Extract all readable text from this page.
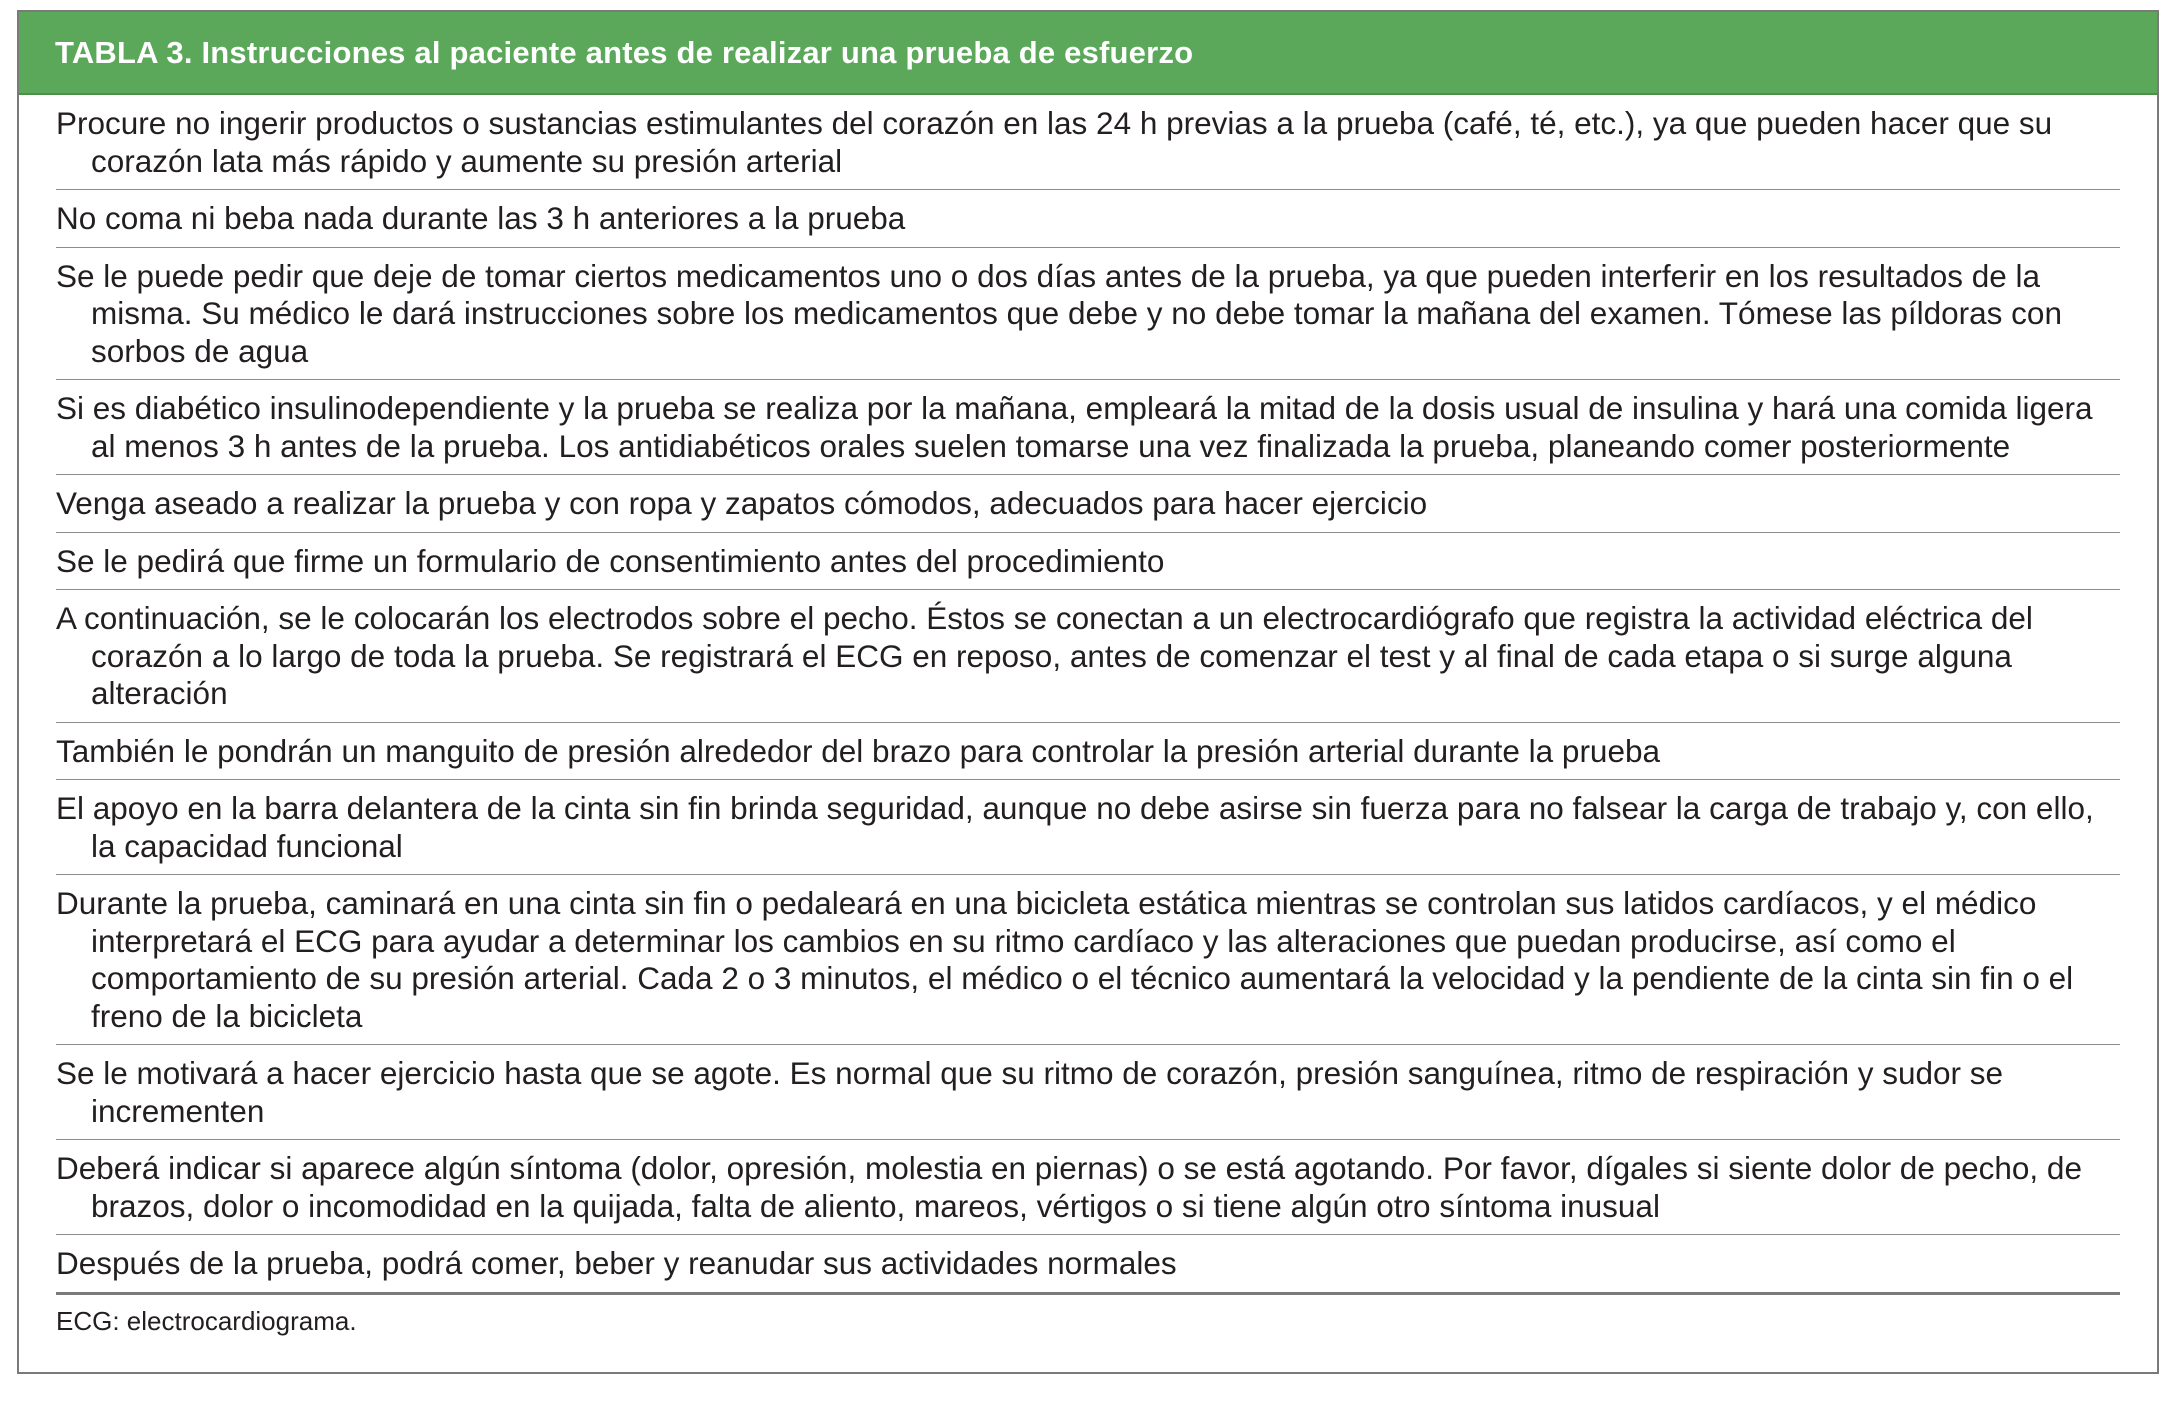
TABLA 3. Instrucciones al paciente antes de realizar una prueba de esfuerzo
Procure no ingerir productos o sustancias estimulantes del corazón en las 24 h previas a la prueba (café, té, etc.), ya que pueden hacer que su corazón lata más rápido y aumente su presión arterial
No coma ni beba nada durante las 3 h anteriores a la prueba
Se le puede pedir que deje de tomar ciertos medicamentos uno o dos días antes de la prueba, ya que pueden interferir en los resultados de la misma. Su médico le dará instrucciones sobre los medicamentos que debe y no debe tomar la mañana del examen. Tómese las píldoras con sorbos de agua
Si es diabético insulinodependiente y la prueba se realiza por la mañana, empleará la mitad de la dosis usual de insulina y hará una comida ligera al menos 3 h antes de la prueba. Los antidiabéticos orales suelen tomarse una vez finalizada la prueba, planeando comer posteriormente
Venga aseado a realizar la prueba y con ropa y zapatos cómodos, adecuados para hacer ejercicio
Se le pedirá que firme un formulario de consentimiento antes del procedimiento
A continuación, se le colocarán los electrodos sobre el pecho. Éstos se conectan a un electrocardiógrafo que registra la actividad eléctrica del corazón a lo largo de toda la prueba. Se registrará el ECG en reposo, antes de comenzar el test y al final de cada etapa o si surge alguna alteración
También le pondrán un manguito de presión alrededor del brazo para controlar la presión arterial durante la prueba
El apoyo en la barra delantera de la cinta sin fin brinda seguridad, aunque no debe asirse sin fuerza para no falsear la carga de trabajo y, con ello, la capacidad funcional
Durante la prueba, caminará en una cinta sin fin o pedaleará en una bicicleta estática mientras se controlan sus latidos cardíacos, y el médico interpretará el ECG para ayudar a determinar los cambios en su ritmo cardíaco y las alteraciones que puedan producirse, así como el comportamiento de su presión arterial. Cada 2 o 3 minutos, el médico o el técnico aumentará la velocidad y la pendiente de la cinta sin fin o el freno de la bicicleta
Se le motivará a hacer ejercicio hasta que se agote. Es normal que su ritmo de corazón, presión sanguínea, ritmo de respiración y sudor se incrementen
Deberá indicar si aparece algún síntoma (dolor, opresión, molestia en piernas) o se está agotando. Por favor, dígales si siente dolor de pecho, de brazos, dolor o incomodidad en la quijada, falta de aliento, mareos, vértigos o si tiene algún otro síntoma inusual
Después de la prueba, podrá comer, beber y reanudar sus actividades normales
ECG: electrocardiograma.
